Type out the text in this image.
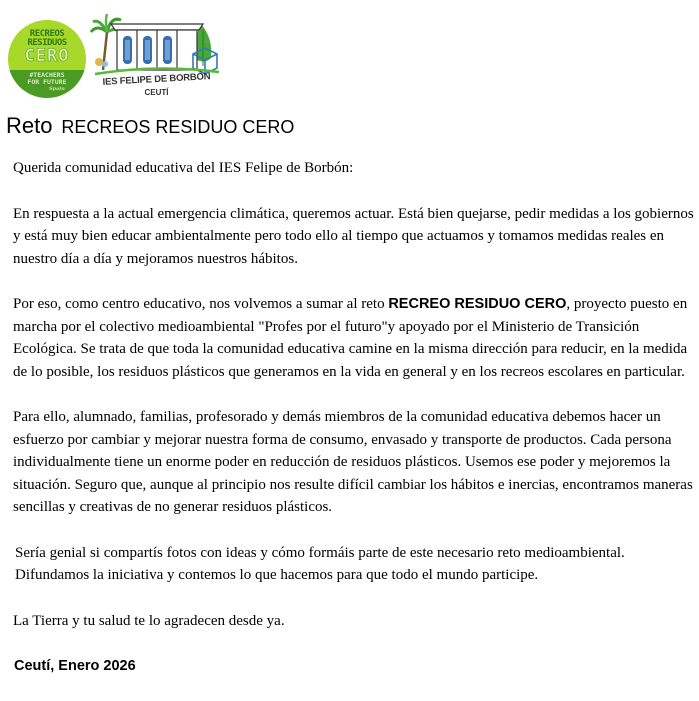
RECREOS
RESIDUOS
CERO
#TEACHERS
FOR FUTURE
Spain
IES FELIPE DE BORBÓN
CEUTÍ
Reto RECREOS RESIDUO CERO

Querida comunidad educativa del IES Felipe de Borbón:

En respuesta a la actual emergencia climática, queremos actuar. Está bien quejarse, pedir medidas a los gobiernos y está muy bien educar ambientalmente pero todo ello al tiempo que actuamos y tomamos medidas reales en nuestro día a día y mejoramos nuestros hábitos.

Por eso, como centro educativo, nos volvemos a sumar al reto RECREO RESIDUO CERO, proyecto puesto en marcha por el colectivo medioambiental "Profes por el futuro"y apoyado por el Ministerio de Transición Ecológica. Se trata de que toda la comunidad educativa camine en la misma dirección para reducir, en la medida de lo posible, los residuos plásticos que generamos en la vida en general y en los recreos escolares en particular.

Para ello, alumnado, familias, profesorado y demás miembros de la comunidad educativa debemos hacer un esfuerzo por cambiar y mejorar nuestra forma de consumo, envasado y transporte de productos. Cada persona individualmente tiene un enorme poder en reducción de residuos plásticos. Usemos ese poder y mejoremos la situación. Seguro que, aunque al principio nos resulte difícil cambiar los hábitos e inercias, encontramos maneras sencillas y creativas de no generar residuos plásticos.

Sería genial si compartís fotos con ideas y cómo formáis parte de este necesario reto medioambiental. Difundamos la iniciativa y contemos lo que hacemos para que todo el mundo participe.

La Tierra y tu salud te lo agradecen desde ya.

Ceutí, Enero 2026
